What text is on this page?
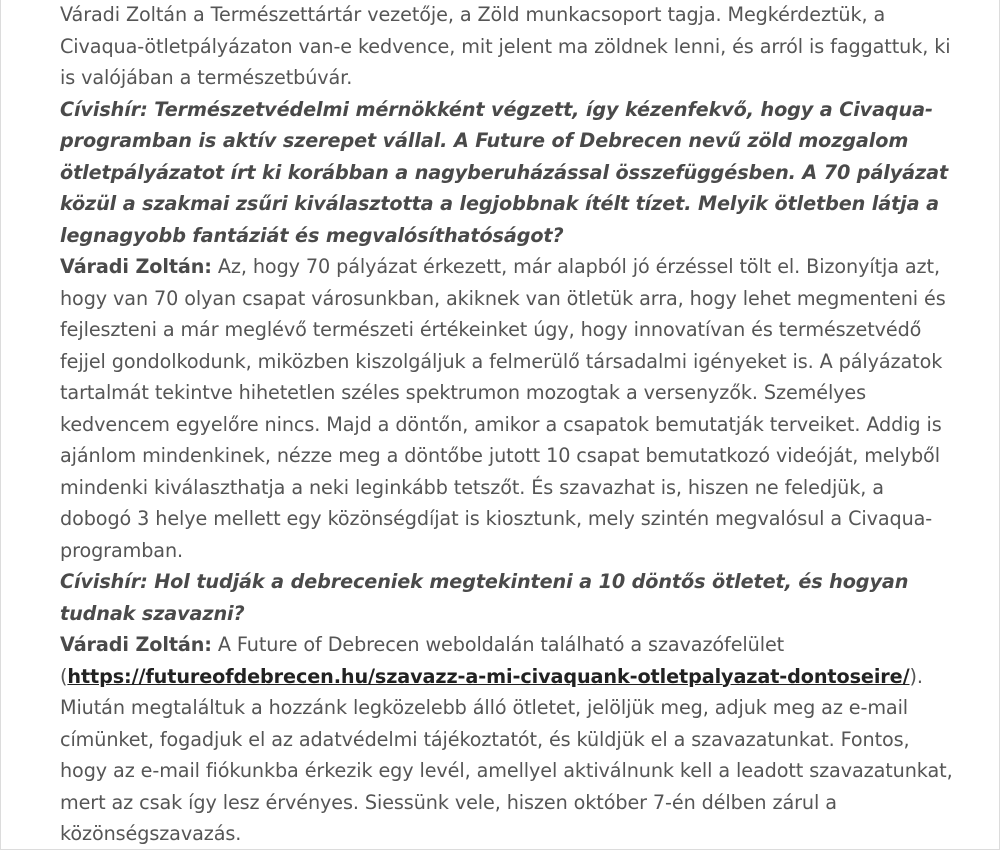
Váradi Zoltán a Természettártár vezetője, a Zöld munkacsoport tagja. Megkérdeztük, a Civaqua-ötletpályázaton van-e kedvence, mit jelent ma zöldnek lenni, és arról is faggattuk, ki is valójában a természetbúvár.

Cívishír: Természetvédelmi mérnökként végzett, így kézenfekvő, hogy a Civaqua-programban is aktív szerepet vállal. A Future of Debrecen nevű zöld mozgalom ötletpályázatot írt ki korábban a nagyberuházással összefüggésben. A 70 pályázat közül a szakmai zsűri kiválasztotta a legjobbnak ítélt tízet. Melyik ötletben látja a legnagyobb fantáziát és megvalósíthatóságot?

Váradi Zoltán: Az, hogy 70 pályázat érkezett, már alapból jó érzéssel tölt el. Bizonyítja azt, hogy van 70 olyan csapat városunkban, akiknek van ötletük arra, hogy lehet megmenteni és fejleszteni a már meglévő természeti értékeinket úgy, hogy innovatívan és természetvédő fejjel gondolkodunk, miközben kiszolgáljuk a felmerülő társadalmi igényeket is. A pályázatok tartalmát tekintve hihetetlen széles spektrumon mozogtak a versenyzők. Személyes kedvencem egyelőre nincs. Majd a döntőn, amikor a csapatok bemutatják terveiket. Addig is ajánlom mindenkinek, nézze meg a döntőbe jutott 10 csapat bemutatkozó videóját, melyből mindenki kiválaszthatja a neki leginkább tetszőt. És szavazhat is, hiszen ne feledjük, a dobogó 3 helye mellett egy közönségdíjat is kiosztunk, mely szintén megvalósul a Civaqua-programban.

Cívishír: Hol tudják a debreceniek megtekinteni a 10 döntős ötletet, és hogyan tudnak szavazni?

Váradi Zoltán: A Future of Debrecen weboldalán található a szavazófelület (https://futureofdebrecen.hu/szavazz-a-mi-civaquank-otletpalyazat-dontoseire/). Miután megtaláltuk a hozzánk legközelebb álló ötletet, jelöljük meg, adjuk meg az e-mail címünket, fogadjuk el az adatvédelmi tájékoztatót, és küldjük el a szavazatunkat. Fontos, hogy az e-mail fiókunkba érkezik egy levél, amellyel aktiválnunk kell a leadott szavazatunkat, mert az csak így lesz érvényes. Siessünk vele, hiszen október 7-én délben zárul a közönségszavazás.
